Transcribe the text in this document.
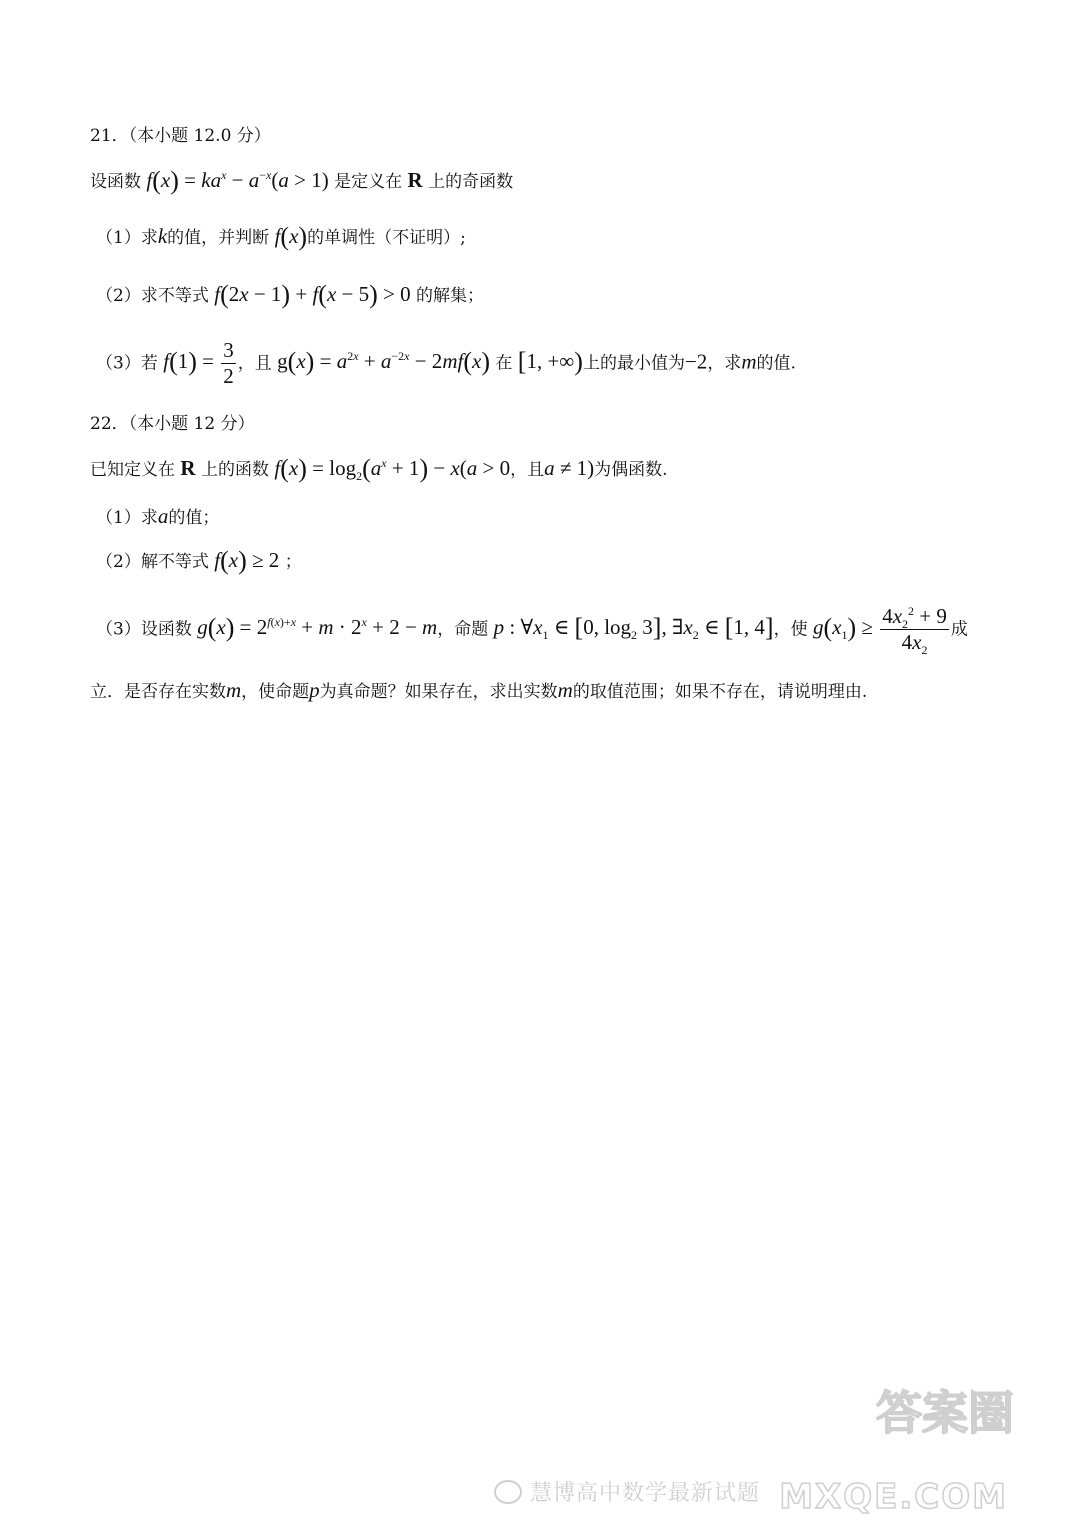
21．（本小题 12.0 分）
设函数 $f(x) = ka^x - a^{-x}(a > 1)$ 是定义在 R 上的奇函数
（1）求k的值，并判断 f(x)的单调性（不证明）;
（2）求不等式 f(2x − 1) + f(x − 5) > 0 的解集；
（3）若 $f(1) = \frac{3}{2}$ ，且 $g(x) = a^{2x} + a^{-2x} - 2mf(x)$ 在 [1, +∞)上的最小值为−2，求m的值.
22．（本小题 12 分）
已知定义在 R 上的函数 $f(x) = \log_2(a^x + 1) - x(a > 0$，且a ≠ 1)为偶函数.
（1）求a的值；
（2）解不等式 f(x) ≥ 2 ；
（3）设函数 $g(x) = 2^{f(x)+x} + m \cdot 2^x + 2 - m$，命题 p : $\forall x_1$ ∈ [0, $\log_2 3$], $\exists x_2$ ∈ [1, 4]，使 $g(x_1) \ge \frac{4x_2^2 + 9}{4x_2}$ 成
立．是否存在实数m，使命题p为真命题？如果存在，求出实数m的取值范围；如果不存在，请说明理由.
答案圈
MXQE.COM
慧博高中数学最新试题
